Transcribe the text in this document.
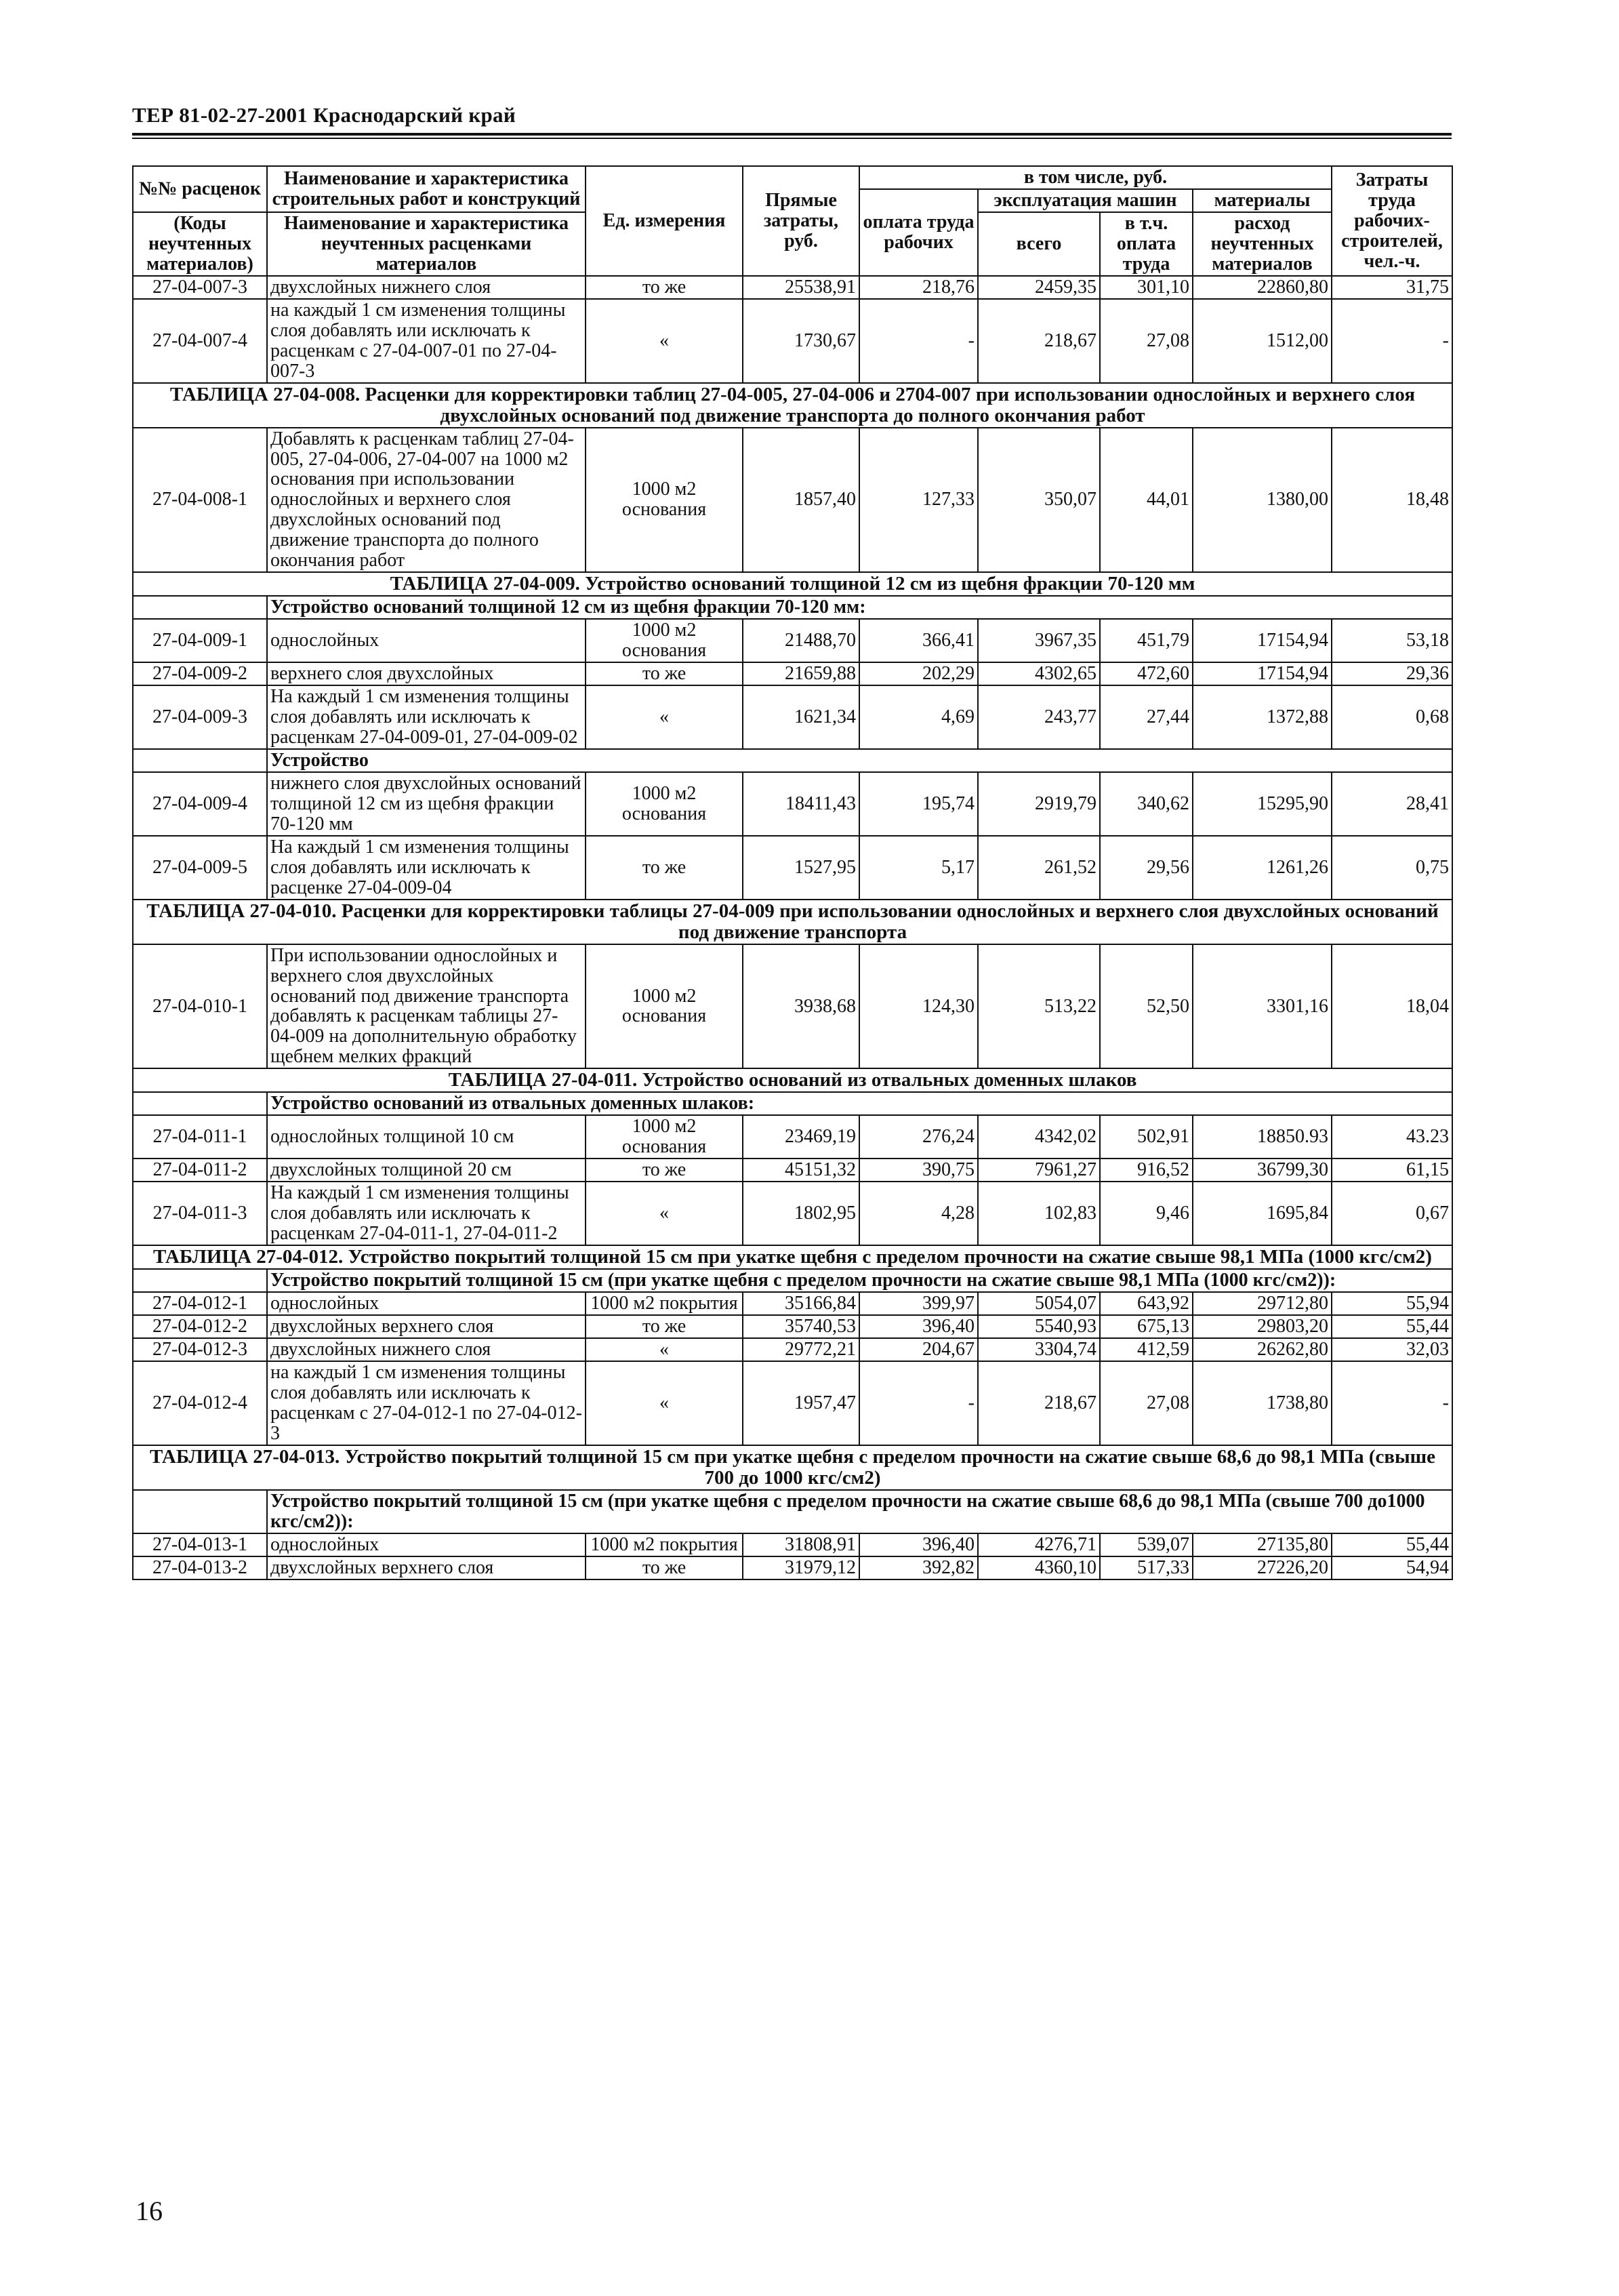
ТЕР 81-02-27-2001 Краснодарский край
№№ расценок	Наименование и характеристика строительных работ и конструкций	Ед. измерения	Прямые затраты, руб.	в том числе, руб.				Затраты труда рабочих-строителей, чел.-ч.
				оплата труда рабочих	эксплуатация машин		материалы	

(Коды неучтенных материалов)	Наименование и характеристика неучтенных расценками материалов				всего	в т.ч. оплата труда		
							расход неучтенных материалов	

27-04-007-3	двухслойных нижнего слоя	то же	25538,91	218,76	2459,35	301,10	22860,80	31,75
27-04-007-4	на каждый 1 см изменения толщины слоя добавлять или исключать к расценкам с 27-04-007-01 по 27-04-007-3	«	1730,67	-	218,67	27,08	1512,00	-
ТАБЛИЦА 27-04-008. Расценки для корректировки таблиц 27-04-005, 27-04-006 и 2704-007 при использовании однослойных и верхнего слоя двухслойных оснований под движение транспорта до полного окончания работ								
27-04-008-1	Добавлять к расценкам таблиц 27-04-005, 27-04-006, 27-04-007 на 1000 м2 основания при использовании однослойных и верхнего слоя двухслойных оснований под движение транспорта до полного окончания работ	1000 м2 основания	1857,40	127,33	350,07	44,01	1380,00	18,48
ТАБЛИЦА 27-04-009. Устройство оснований толщиной 12 см из щебня фракции 70-120 мм								
	Устройство оснований толщиной 12 см из щебня фракции 70-120 мм:							
27-04-009-1	однослойных	1000 м2 основания	21488,70	366,41	3967,35	451,79	17154,94	53,18
27-04-009-2	верхнего слоя двухслойных	то же	21659,88	202,29	4302,65	472,60	17154,94	29,36
27-04-009-3	На каждый 1 см изменения толщины слоя добавлять или исключать к расценкам 27-04-009-01, 27-04-009-02	«	1621,34	4,69	243,77	27,44	1372,88	0,68
	Устройство							
27-04-009-4	нижнего слоя двухслойных оснований толщиной 12 см из щебня фракции 70-120 мм	1000 м2 основания	18411,43	195,74	2919,79	340,62	15295,90	28,41
27-04-009-5	На каждый 1 см изменения толщины слоя добавлять или исключать к расценке 27-04-009-04	то же	1527,95	5,17	261,52	29,56	1261,26	0,75
ТАБЛИЦА 27-04-010. Расценки для корректировки таблицы 27-04-009 при использовании однослойных и верхнего слоя двухслойных оснований под движение транспорта								
27-04-010-1	При использовании однослойных и верхнего слоя двухслойных оснований под движение транспорта добавлять к расценкам таблицы 27-04-009 на дополнительную обработку щебнем мелких фракций	1000 м2 основания	3938,68	124,30	513,22	52,50	3301,16	18,04
ТАБЛИЦА 27-04-011. Устройство оснований из отвальных доменных шлаков								
	Устройство оснований из отвальных доменных шлаков:							
27-04-011-1	однослойных толщиной 10 см	1000 м2 основания	23469,19	276,24	4342,02	502,91	18850.93	43.23
27-04-011-2	двухслойных толщиной 20 см	то же	45151,32	390,75	7961,27	916,52	36799,30	61,15
27-04-011-3	На каждый 1 см изменения толщины слоя добавлять или исключать к расценкам 27-04-011-1, 27-04-011-2	«	1802,95	4,28	102,83	9,46	1695,84	0,67
ТАБЛИЦА 27-04-012. Устройство покрытий толщиной 15 см при укатке щебня с пределом прочности на сжатие свыше 98,1 МПа (1000 кгс/см2)								
	Устройство покрытий толщиной 15 см (при укатке щебня с пределом прочности на сжатие свыше 98,1 МПа (1000 кгс/см2)):							
27-04-012-1	однослойных	1000 м2 покрытия	35166,84	399,97	5054,07	643,92	29712,80	55,94
27-04-012-2	двухслойных верхнего слоя	то же	35740,53	396,40	5540,93	675,13	29803,20	55,44
27-04-012-3	двухслойных нижнего слоя	«	29772,21	204,67	3304,74	412,59	26262,80	32,03
27-04-012-4	на каждый 1 см изменения толщины слоя добавлять или исключать к расценкам с 27-04-012-1 по 27-04-012-3	«	1957,47	-	218,67	27,08	1738,80	-
ТАБЛИЦА 27-04-013. Устройство покрытий толщиной 15 см при укатке щебня с пределом прочности на сжатие свыше 68,6 до 98,1 МПа (свыше 700 до 1000 кгс/см2)								
	Устройство покрытий толщиной 15 см (при укатке щебня с пределом прочности на сжатие свыше 68,6 до 98,1 МПа (свыше 700 до1000 кгс/см2)):							
27-04-013-1	однослойных	1000 м2 покрытия	31808,91	396,40	4276,71	539,07	27135,80	55,44
27-04-013-2	двухслойных верхнего слоя	то же	31979,12	392,82	4360,10	517,33	27226,20	54,94
16
